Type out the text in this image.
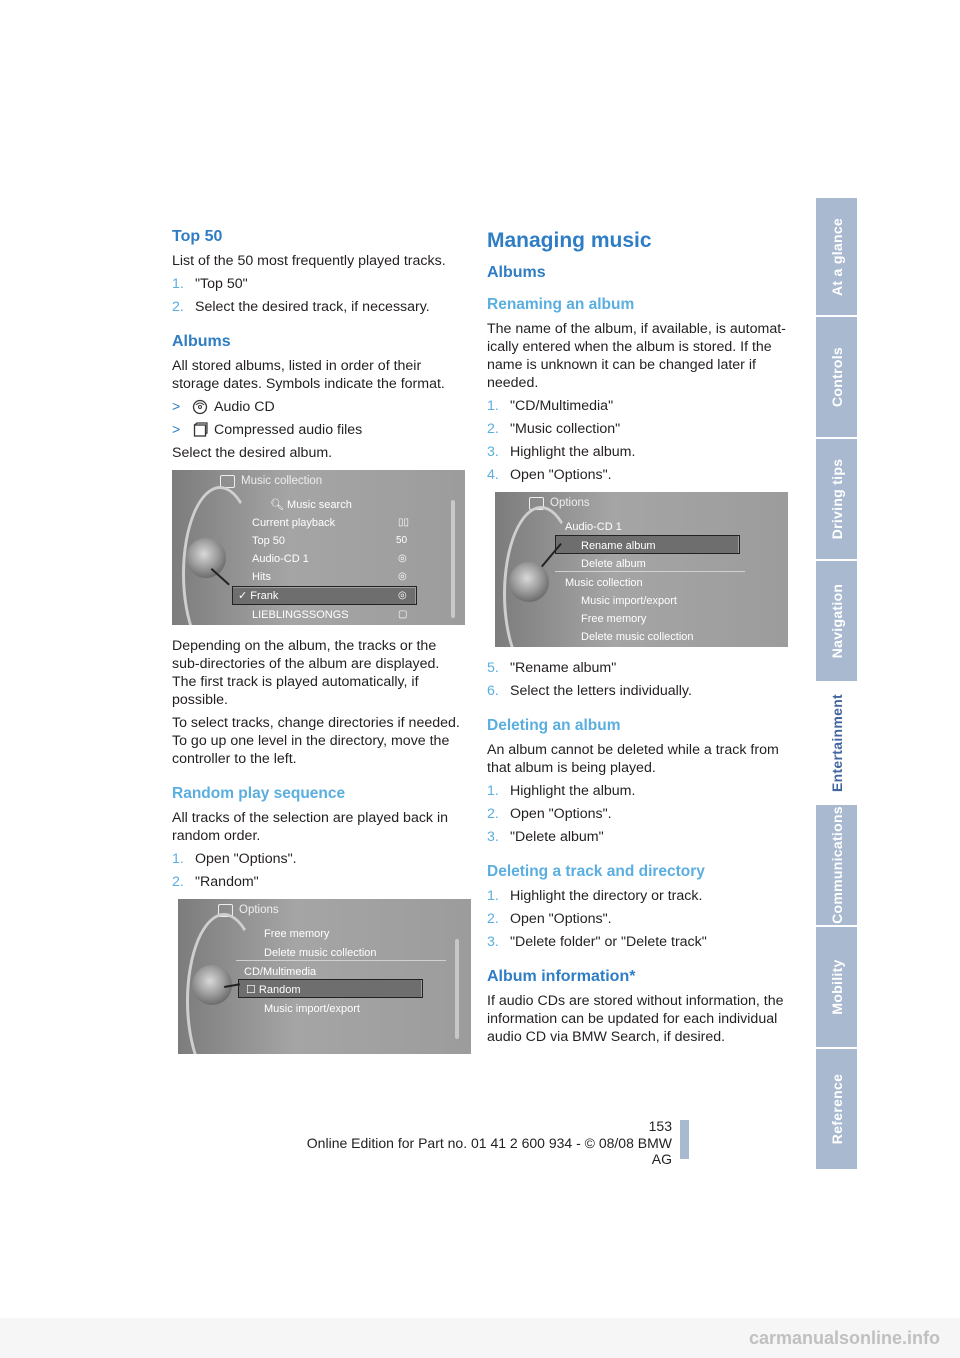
Top 50

List of the 50 most frequently played tracks.

1. "Top 50"
2. Select the desired track, if necessary.
Albums

All stored albums, listed in order of their storage dates. Symbols indicate the format.

>	Audio CD
>	Compressed audio files

Select the desired album.

Music collection
🔍︎ Music search
Current playback
Top 50
Audio-CD 1
Hits
✓ Frank
LIEBLINGSSONGS
▯▯
50
◎
◎
◎
▢

Depending on the album, the tracks or the sub-directories of the album are displayed. The first track is played automatically, if possible.

To select tracks, change directories if needed. To go up one level in the directory, move the controller to the left.

Random play sequence

All tracks of the selection are played back in random order.

1. Open "Options".
2. "Random"
Options
Free memory
Delete music collection
CD/Multimedia
☐ Random
Music import/export
Managing music
Albums
Renaming an album

The name of the album, if available, is automat-ically entered when the album is stored. If the name is unknown it can be changed later if needed.

1. "CD/Multimedia"
2. "Music collection"
3. Highlight the album.
4. Open "Options".
Options
Audio-CD 1
Rename album
Delete album
Music collection
Music import/export
Free memory
Delete music collection
5. "Rename album"
6. Select the letters individually.
Deleting an album

An album cannot be deleted while a track from that album is being played.

1. Highlight the album.
2. Open "Options".
3. "Delete album"
Deleting a track and directory
1. Highlight the directory or track.
2. Open "Options".
3. "Delete folder" or "Delete track"
Album information*

If audio CDs are stored without information, the information can be updated for each individual audio CD via BMW Search, if desired.

At a glance
Controls
Driving tips
Navigation
Entertainment
Communications
Mobility
Reference
153
Online Edition for Part no. 01 41 2 600 934 - © 08/08 BMW AG
carmanualsonline.info
